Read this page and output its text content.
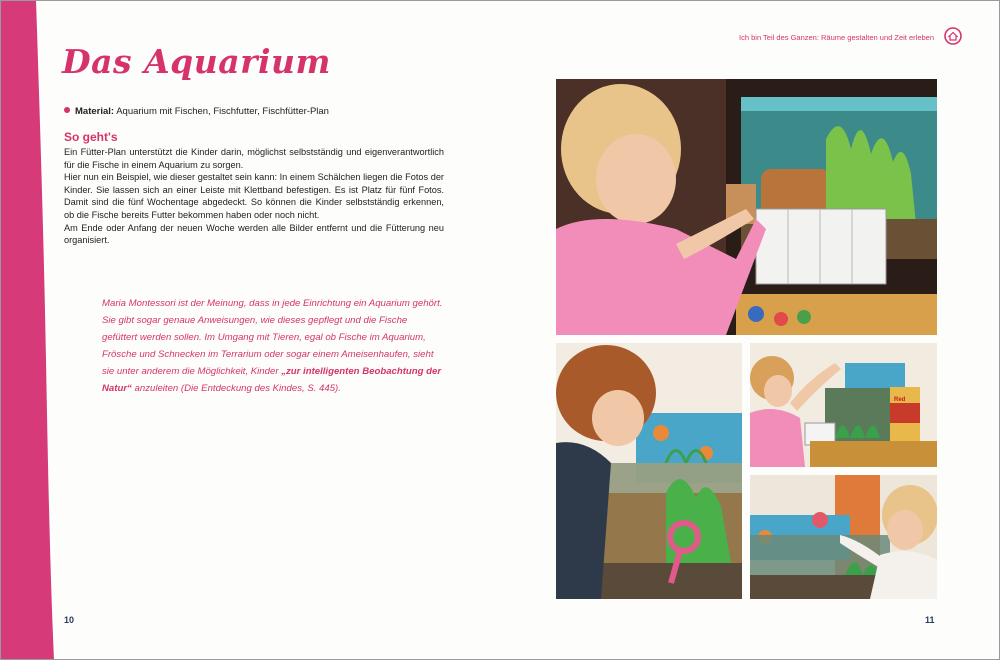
Ich bin Teil des Ganzen: Räume gestalten und Zeit erleben
Das Aquarium
Material: Aquarium mit Fischen, Fischfutter, Fischfütter-Plan
So geht's

Ein Fütter-Plan unterstützt die Kinder darin, möglichst selbstständig und eigenverantwortlich für die Fische in einem Aquarium zu sorgen.

Hier nun ein Beispiel, wie dieser gestaltet sein kann: In einem Schälchen liegen die Fotos der Kinder. Sie lassen sich an einer Leiste mit Klettband befestigen. Es ist Platz für fünf Fotos. Damit sind die fünf Wochentage abgedeckt. So können die Kinder selbstständig erkennen, ob die Fische bereits Futter bekommen haben oder noch nicht.

Am Ende oder Anfang der neuen Woche werden alle Bilder entfernt und die Fütterung neu organisiert.

Maria Montessori ist der Meinung, dass in jede Einrichtung ein Aquarium gehört. Sie gibt sogar genaue Anweisungen, wie dieses gepflegt und die Fische gefüttert werden sollen. Im Umgang mit Tieren, egal ob Fische im Aquarium, Frösche und Schnecken im Terrarium oder sogar einem Ameisenhaufen, sieht sie unter anderem die Möglichkeit, Kinder „zur intelligenten Beobachtung der Natur“ anzuleiten (Die Entdeckung des Kindes, S. 445).
10	11
Red
